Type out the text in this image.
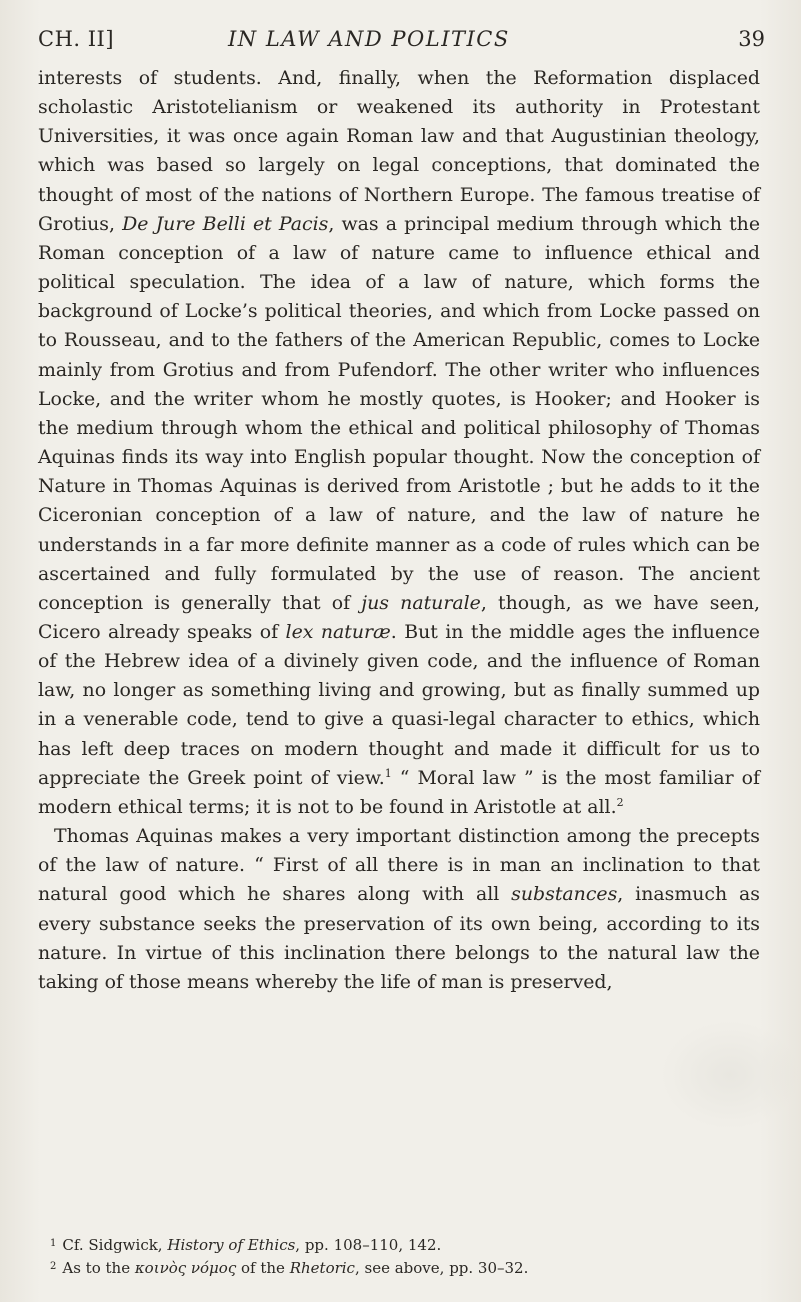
CH. II]	IN LAW AND POLITICS	39

interests of students. And, finally, when the Reformation displaced scholastic Aristotelianism or weakened its authority in Protestant Universities, it was once again Roman law and that Augustinian theology, which was based so largely on legal conceptions, that dominated the thought of most of the nations of Northern Europe. The famous treatise of Grotius, De Jure Belli et Pacis, was a principal medium through which the Roman conception of a law of nature came to influence ethical and political speculation. The idea of a law of nature, which forms the background of Locke’s political theories, and which from Locke passed on to Rousseau, and to the fathers of the American Republic, comes to Locke mainly from Grotius and from Pufendorf. The other writer who influences Locke, and the writer whom he mostly quotes, is Hooker; and Hooker is the medium through whom the ethical and political philosophy of Thomas Aquinas finds its way into English popular thought. Now the conception of Nature in Thomas Aquinas is derived from Aristotle ; but he adds to it the Ciceronian conception of a law of nature, and the law of nature he understands in a far more definite manner as a code of rules which can be ascertained and fully formulated by the use of reason. The ancient conception is generally that of jus naturale, though, as we have seen, Cicero already speaks of lex naturæ. But in the middle ages the influence of the Hebrew idea of a divinely given code, and the influence of Roman law, no longer as something living and growing, but as finally summed up in a venerable code, tend to give a quasi-legal character to ethics, which has left deep traces on modern thought and made it difficult for us to appreciate the Greek point of view.$^1$ “ Moral law ” is the most familiar of modern ethical terms; it is not to be found in Aristotle at all.$^2$

Thomas Aquinas makes a very important distinction among the precepts of the law of nature. “ First of all there is in man an inclination to that natural good which he shares along with all substances, inasmuch as every substance seeks the preservation of its own being, according to its nature. In virtue of this inclination there belongs to the natural law the taking of those means whereby the life of man is preserved,

$^1$ Cf. Sidgwick, History of Ethics, pp. 108–110, 142.

$^2$ As to the κοινὸς νόμος of the Rhetoric, see above, pp. 30–32.
